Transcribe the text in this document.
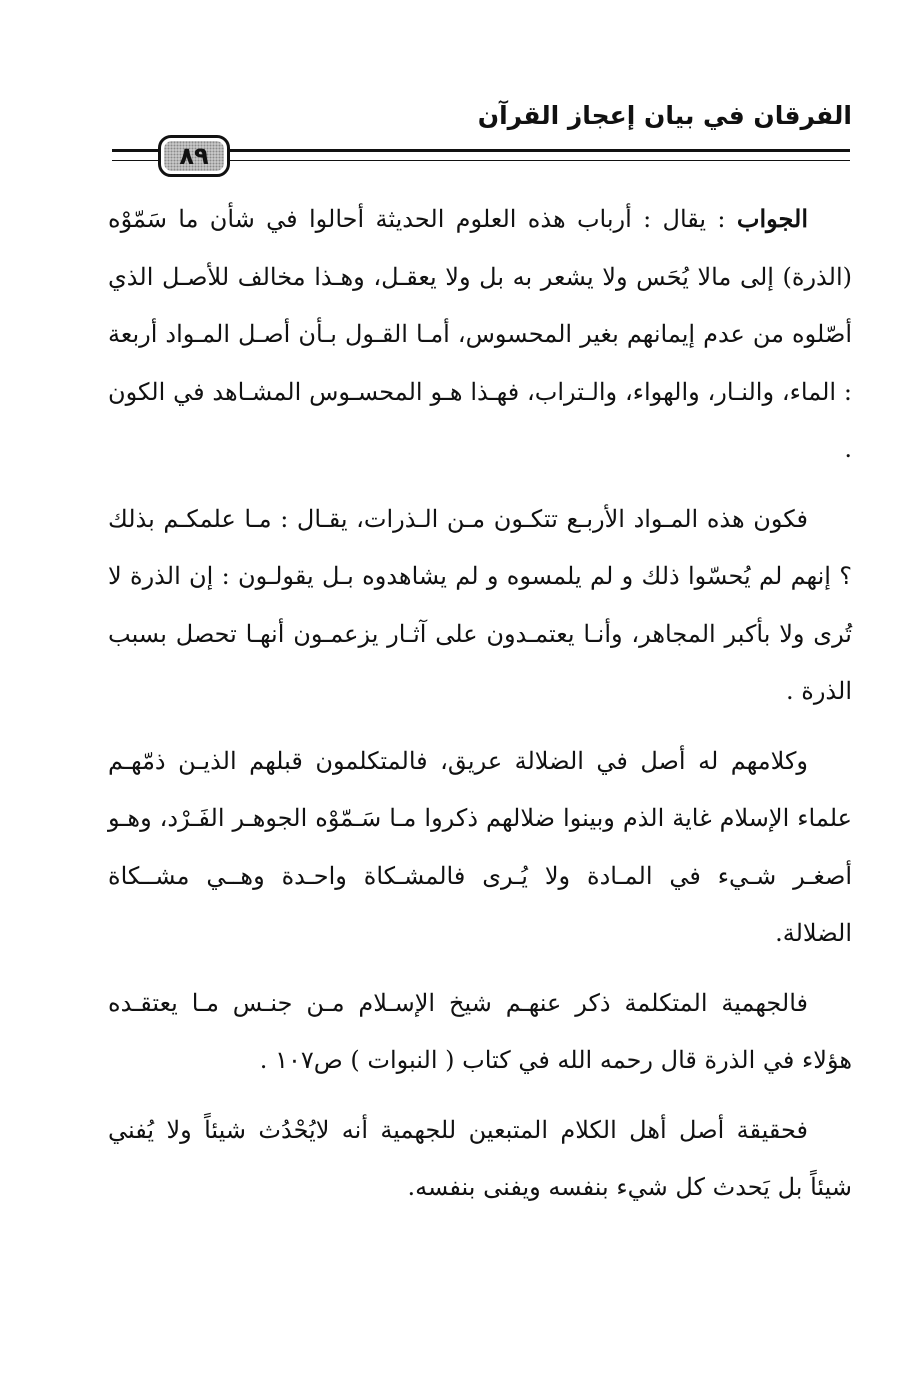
الفرقان في بيان إعجاز القرآن
٨٩

الجواب : يقال : أرباب هذه العلوم الحديثة أحالوا في شأن ما سَمّوْه (الذرة) إلى مالا يُحَس ولا يشعر به بل ولا يعقـل، وهـذا مخالف للأصـل الذي أصّلوه من عدم إيمانهم بغير المحسوس، أمـا القـول بـأن أصـل المـواد أربعة : الماء، والنـار، والهواء، والـتراب، فهـذا هـو المحسـوس المشـاهد في الكون .

فكون هذه المـواد الأربـع تتكـون مـن الـذرات، يقـال : مـا علمكـم بذلك ؟ إنهم لم يُحسّوا ذلك و لم يلمسوه و لم يشاهدوه بـل يقولـون : إن الذرة لا تُرى ولا بأكبر المجاهر، وأنـا يعتمـدون على آثـار يزعمـون أنهـا تحصل بسبب الذرة .

وكلامهم له أصل في الضلالة عريق، فالمتكلمون قبلهم الذيـن ذمّهـم علماء الإسلام غاية الذم وبينوا ضلالهم ذكروا مـا سَـمّوْه الجوهـر الفَـرْد، وهـو أصغـر شـيء في المـادة ولا يُـرى فالمشـكاة واحـدة وهــي مشــكاة الضلالة.

فالجهمية المتكلمة ذكر عنهـم شيخ الإسـلام مـن جنـس مـا يعتقـده هؤلاء في الذرة قال رحمه الله في كتاب ( النبوات ) ص١٠٧ .

فحقيقة أصل أهل الكلام المتبعين للجهمية أنه لايُحْدُث شيئاً ولا يُفني شيئاً بل يَحدث كل شيء بنفسه ويفنى بنفسه.
